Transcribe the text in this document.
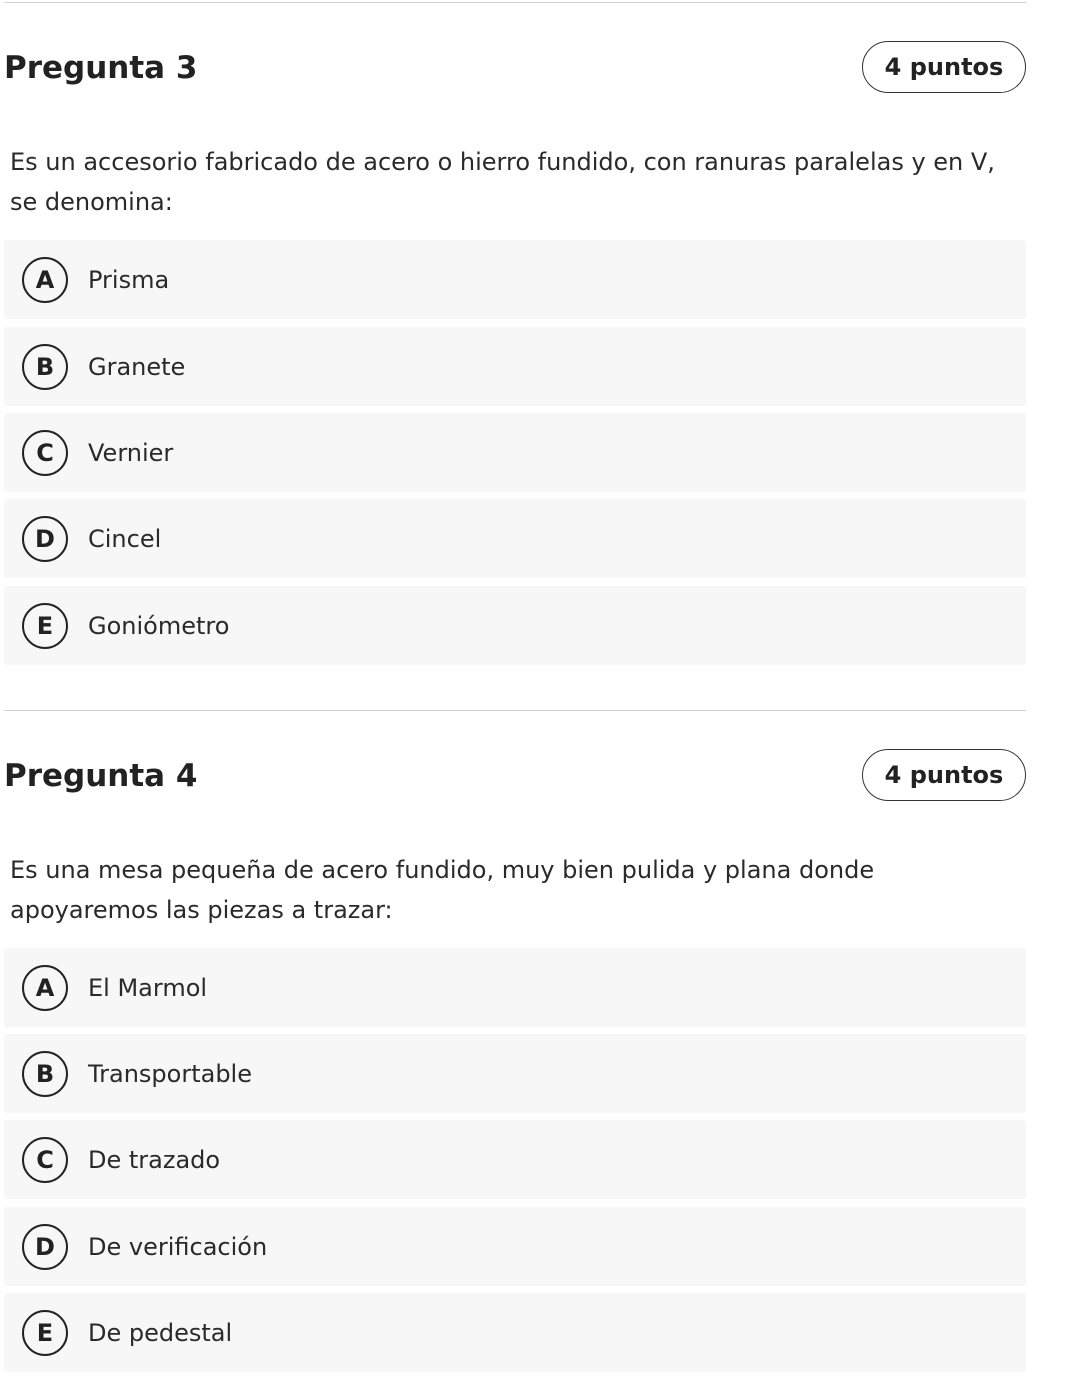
Pregunta 3	4 puntos

Es un accesorio fabricado de acero o hierro fundido, con ranuras paralelas y en V, se denomina:

A	Prisma
B	Granete
C	Vernier
D	Cincel
E	Goniómetro
Pregunta 4	4 puntos

Es una mesa pequeña de acero fundido, muy bien pulida y plana donde apoyaremos las piezas a trazar:

A	El Marmol
B	Transportable
C	De trazado
D	De verificación
E	De pedestal
